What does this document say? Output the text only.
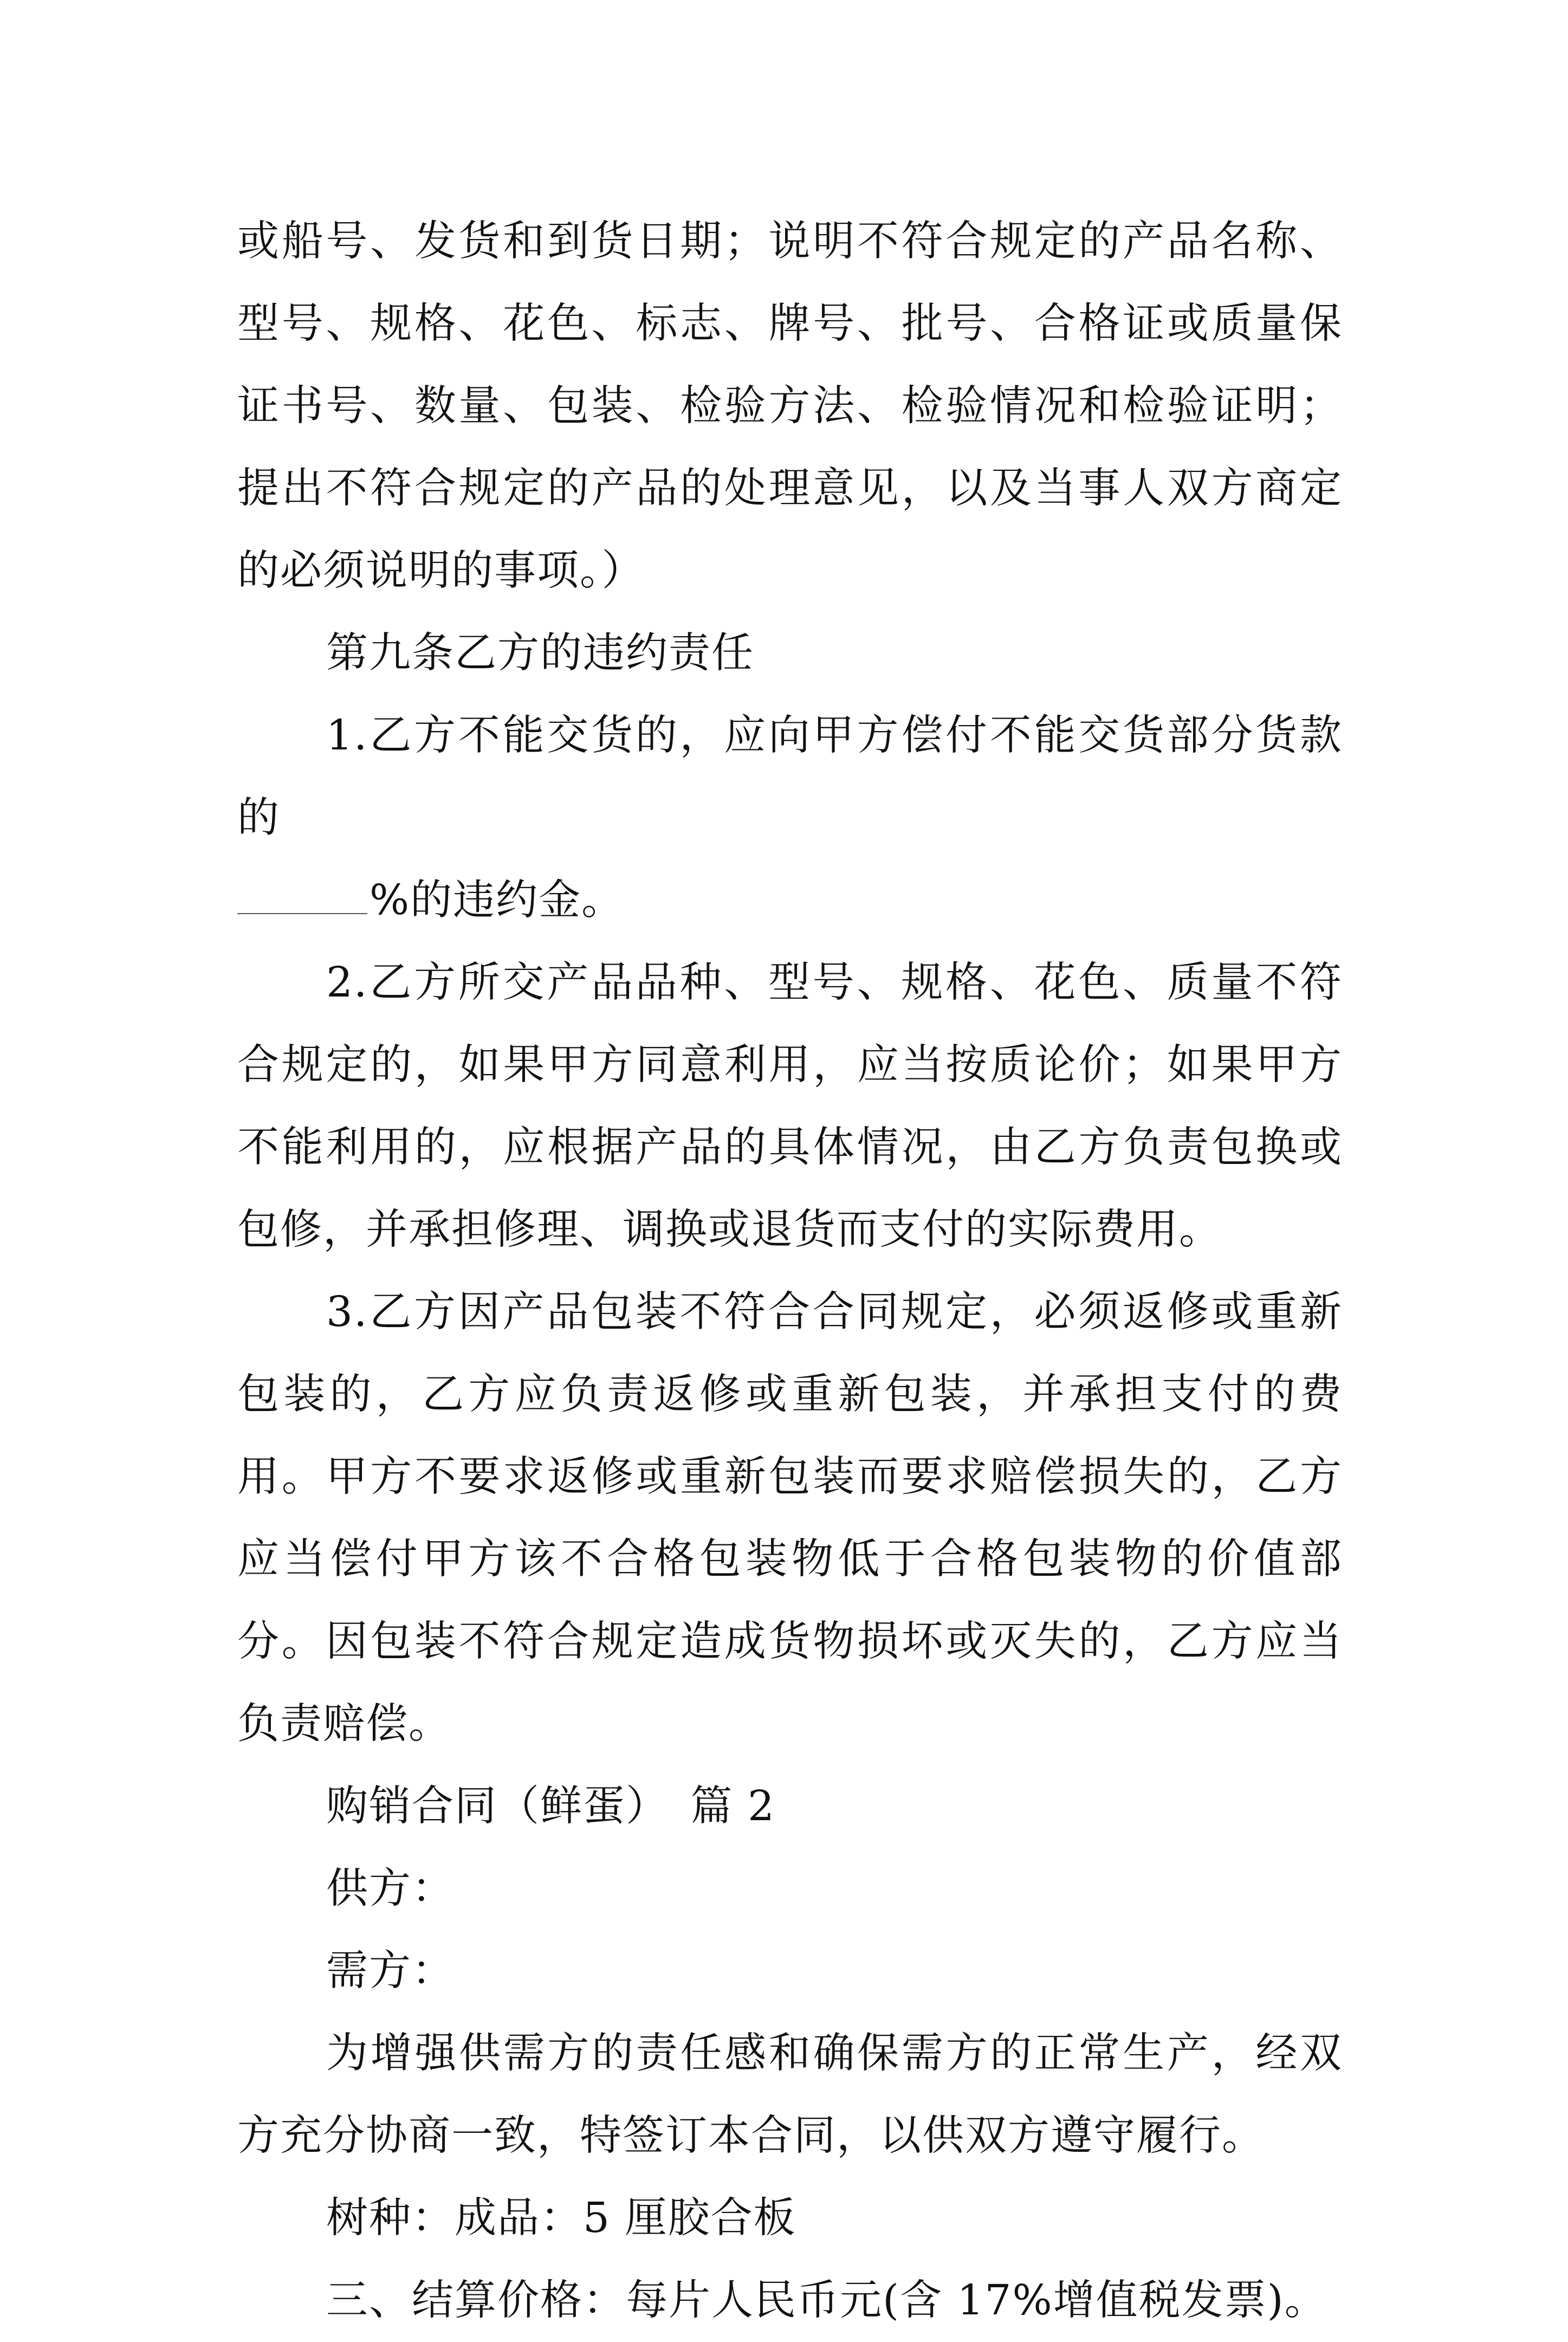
或船号、发货和到货日期；说明不符合规定的产品名称、型号、规格、花色、标志、牌号、批号、合格证或质量保证书号、数量、包装、检验方法、检验情况和检验证明；提出不符合规定的产品的处理意见，以及当事人双方商定的必须说明的事项。）

第九条乙方的违约责任

1.乙方不能交货的，应向甲方偿付不能交货部分货款的
%的违约金。

2.乙方所交产品品种、型号、规格、花色、质量不符合规定的，如果甲方同意利用，应当按质论价；如果甲方不能利用的，应根据产品的具体情况，由乙方负责包换或包修，并承担修理、调换或退货而支付的实际费用。

3.乙方因产品包装不符合合同规定，必须返修或重新包装的，乙方应负责返修或重新包装，并承担支付的费用。甲方不要求返修或重新包装而要求赔偿损失的，乙方应当偿付甲方该不合格包装物低于合格包装物的价值部分。因包装不符合规定造成货物损坏或灭失的，乙方应当负责赔偿。

购销合同（鲜蛋）　篇 2

供方：

需方：

为增强供需方的责任感和确保需方的正常生产，经双方充分协商一致，特签订本合同，以供双方遵守履行。

树种：成品：5 厘胶合板

三、结算价格：每片人民币元(含 17%增值税发票)。
